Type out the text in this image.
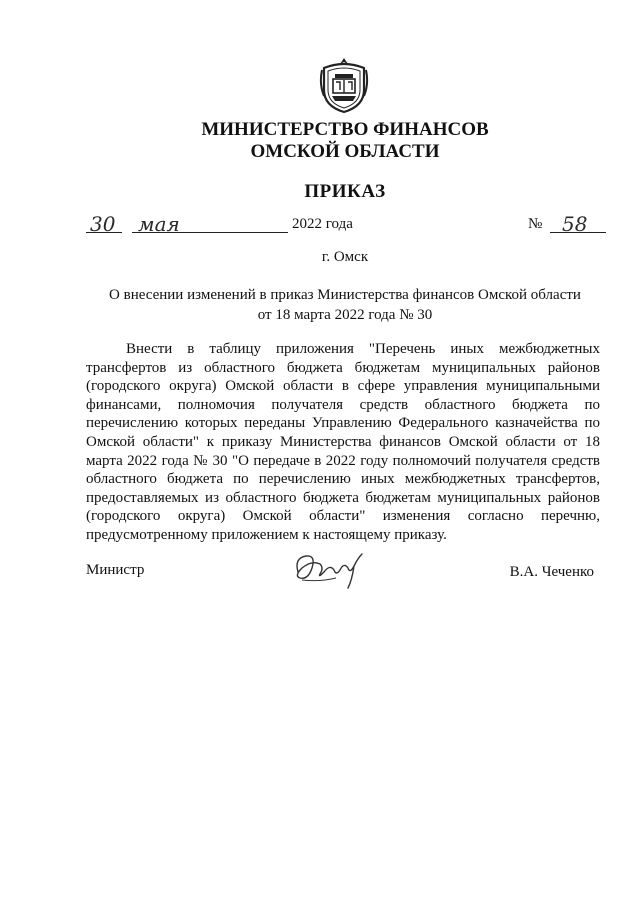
МИНИСТЕРСТВО ФИНАНСОВ
ОМСКОЙ ОБЛАСТИ
ПРИКАЗ
30 мая	2022 года	№ 58
г. Омск
О внесении изменений в приказ Министерства финансов Омской области
от 18 марта 2022 года № 30
Внести в таблицу приложения "Перечень иных межбюджетных трансфертов из областного бюджета бюджетам муниципальных районов (городского округа) Омской области в сфере управления муниципальными финансами, полномочия получателя средств областного бюджета по перечислению которых переданы Управлению Федерального казначейства по Омской области" к приказу Министерства финансов Омской области от 18 марта 2022 года № 30 "О передаче в 2022 году полномочий получателя средств областного бюджета по перечислению иных межбюджетных трансфертов, предоставляемых из областного бюджета бюджетам муниципальных районов (городского округа) Омской области" изменения согласно перечню, предусмотренному приложением к настоящему приказу.
Министр	В.А. Чеченко
